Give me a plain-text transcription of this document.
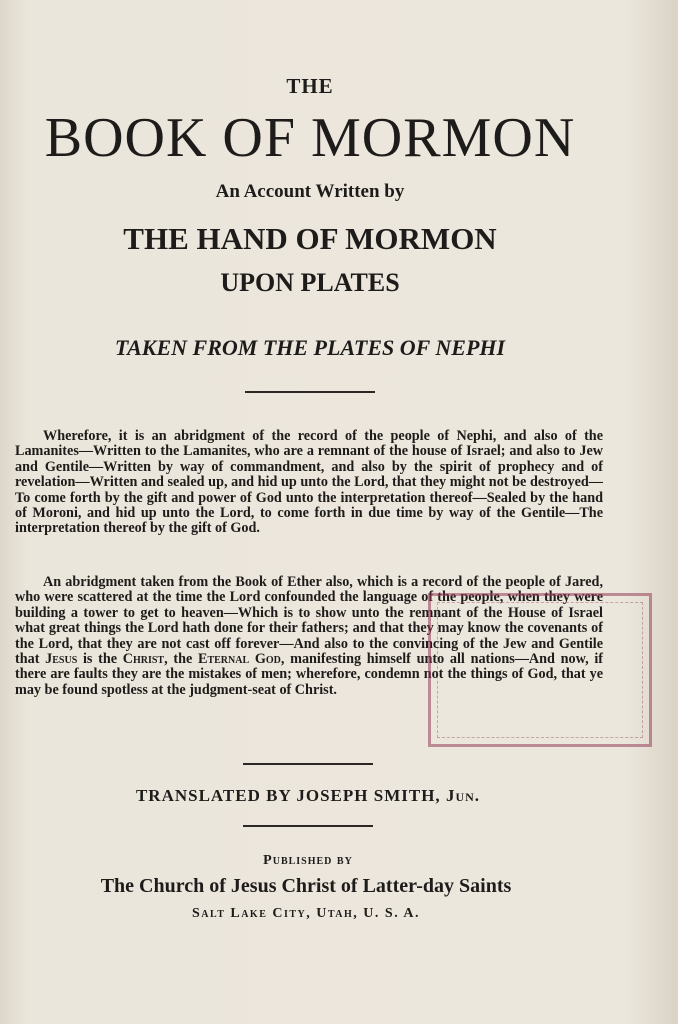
THE
BOOK OF MORMON
An Account Written by
THE HAND OF MORMON
UPON PLATES
TAKEN FROM THE PLATES OF NEPHI

Wherefore, it is an abridgment of the record of the people of Nephi, and also of the Lamanites—Written to the Lamanites, who are a remnant of the house of Israel; and also to Jew and Gentile—Written by way of commandment, and also by the spirit of prophecy and of revelation—Written and sealed up, and hid up unto the Lord, that they might not be destroyed—To come forth by the gift and power of God unto the interpretation thereof—Sealed by the hand of Moroni, and hid up unto the Lord, to come forth in due time by way of the Gentile—The interpretation thereof by the gift of God.

An abridgment taken from the Book of Ether also, which is a record of the people of Jared, who were scattered at the time the Lord confounded the language of the people, when they were building a tower to get to heaven—Which is to show unto the remnant of the House of Israel what great things the Lord hath done for their fathers; and that they may know the covenants of the Lord, that they are not cast off forever—And also to the convincing of the Jew and Gentile that Jesus is the Christ, the Eternal God, manifesting himself unto all nations—And now, if there are faults they are the mistakes of men; wherefore, condemn not the things of God, that ye may be found spotless at the judgment-seat of Christ.

TRANSLATED BY JOSEPH SMITH, Jun.
Published by
The Church of Jesus Christ of Latter-day Saints
Salt Lake City, Utah, U. S. A.
